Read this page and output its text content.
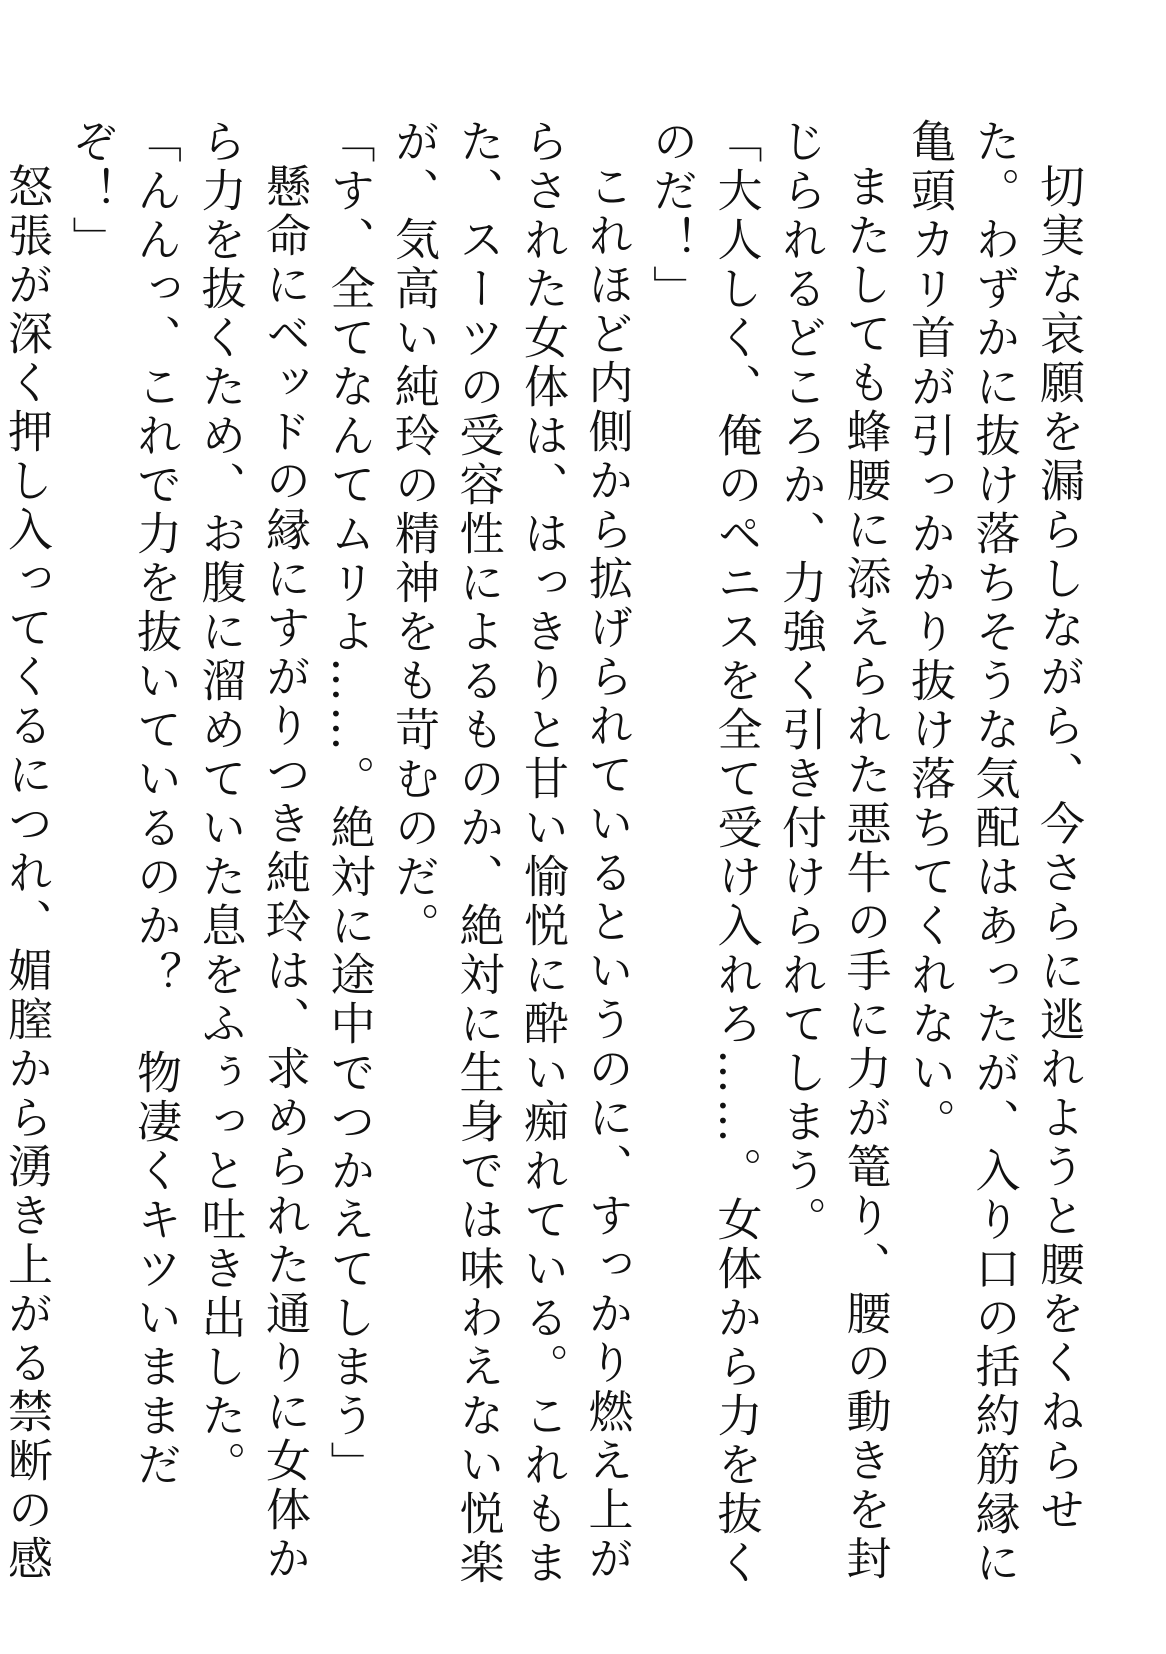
切実な哀願を漏らしながら、今さらに逃れようと腰をくねらせた。わずかに抜け落ちそうな気配はあったが、入り口の括約筋縁に亀頭カリ首が引っかかり抜け落ちてくれない。

またしても蜂腰に添えられた悪牛の手に力が篭り、腰の動きを封じられるどころか、力強く引き付けられてしまう。

「大人しく、俺のペニスを全て受け入れろ……。女体から力を抜くのだ！」

これほど内側から拡げられているというのに、すっかり燃え上がらされた女体は、はっきりと甘い愉悦に酔い痴れている。これもまた、スーツの受容性によるものか、絶対に生身では味わえない悦楽が、気高い純玲の精神をも苛むのだ。

「す、全てなんてムリよ……。絶対に途中でつかえてしまう」

懸命にベッドの縁にすがりつき純玲は、求められた通りに女体から力を抜くため、お腹に溜めていた息をふぅっと吐き出した。

「んんっ、これで力を抜いているのか？　物凄くキツいままだぞ！」

怒張が深く押し入ってくるにつれ、媚膣から湧き上がる禁断の感
